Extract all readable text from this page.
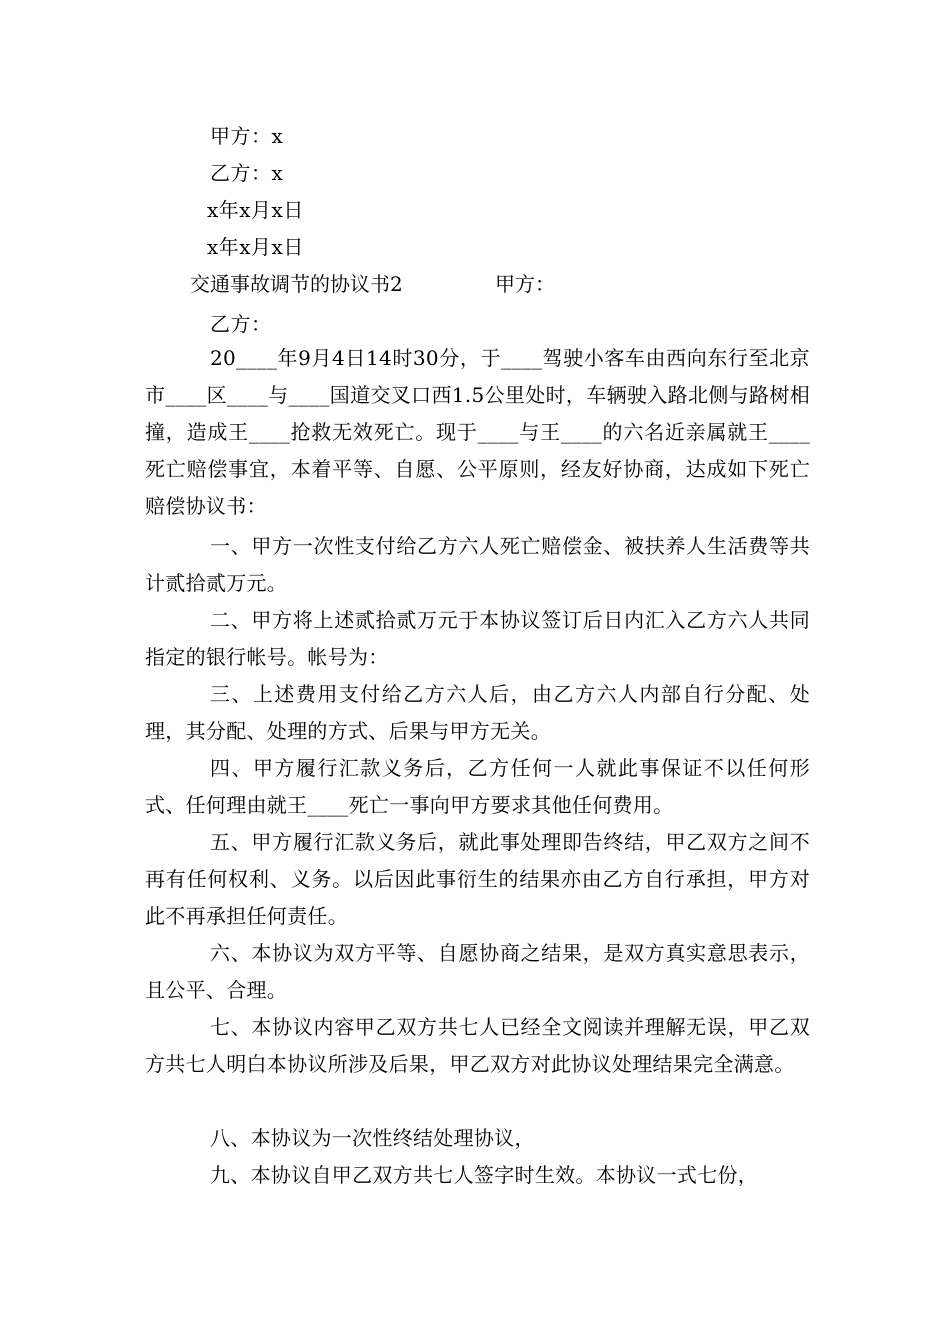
甲方：x
乙方：x
x年x月x日
x年x月x日
交通事故调节的协议书2	甲方：
乙方：
20____年9月4日14时30分，于____驾驶小客车由西向东行至北京市____区____与____国道交叉口西1.5公里处时，车辆驶入路北侧与路树相撞，造成王____抢救无效死亡。现于____与王____的六名近亲属就王____死亡赔偿事宜，本着平等、自愿、公平原则，经友好协商，达成如下死亡赔偿协议书：
一、甲方一次性支付给乙方六人死亡赔偿金、被扶养人生活费等共计贰拾贰万元。
二、甲方将上述贰拾贰万元于本协议签订后日内汇入乙方六人共同指定的银行帐号。帐号为：
三、上述费用支付给乙方六人后，由乙方六人内部自行分配、处理，其分配、处理的方式、后果与甲方无关。
四、甲方履行汇款义务后，乙方任何一人就此事保证不以任何形式、任何理由就王____死亡一事向甲方要求其他任何费用。
五、甲方履行汇款义务后，就此事处理即告终结，甲乙双方之间不再有任何权利、义务。以后因此事衍生的结果亦由乙方自行承担，甲方对此不再承担任何责任。
六、本协议为双方平等、自愿协商之结果，是双方真实意思表示，且公平、合理。
七、本协议内容甲乙双方共七人已经全文阅读并理解无误，甲乙双方共七人明白本协议所涉及后果，甲乙双方对此协议处理结果完全满意。
八、本协议为一次性终结处理协议，
九、本协议自甲乙双方共七人签字时生效。本协议一式七份，
